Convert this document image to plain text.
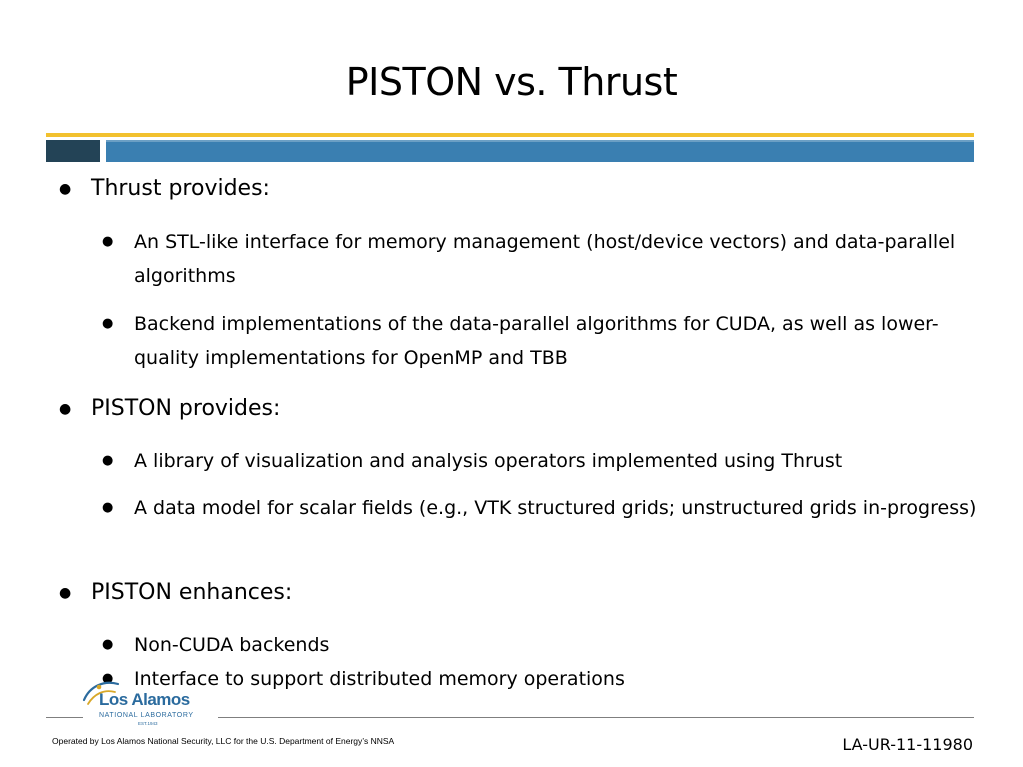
PISTON vs. Thrust
● Thrust provides:
● An STL-like interface for memory management (host/device vectors) and data-parallel algorithms
● Backend implementations of the data-parallel algorithms for CUDA, as well as lower-quality implementations for OpenMP and TBB
● PISTON provides:
● A library of visualization and analysis operators implemented using Thrust
● A data model for scalar fields (e.g., VTK structured grids; unstructured grids in-progress)
● PISTON enhances:
● Non-CUDA backends
● Interface to support distributed memory operations
Los Alamos
NATIONAL LABORATORY
EST.1943
Operated by Los Alamos National Security, LLC for the U.S. Department of Energy’s NNSA	LA-UR-11-11980
